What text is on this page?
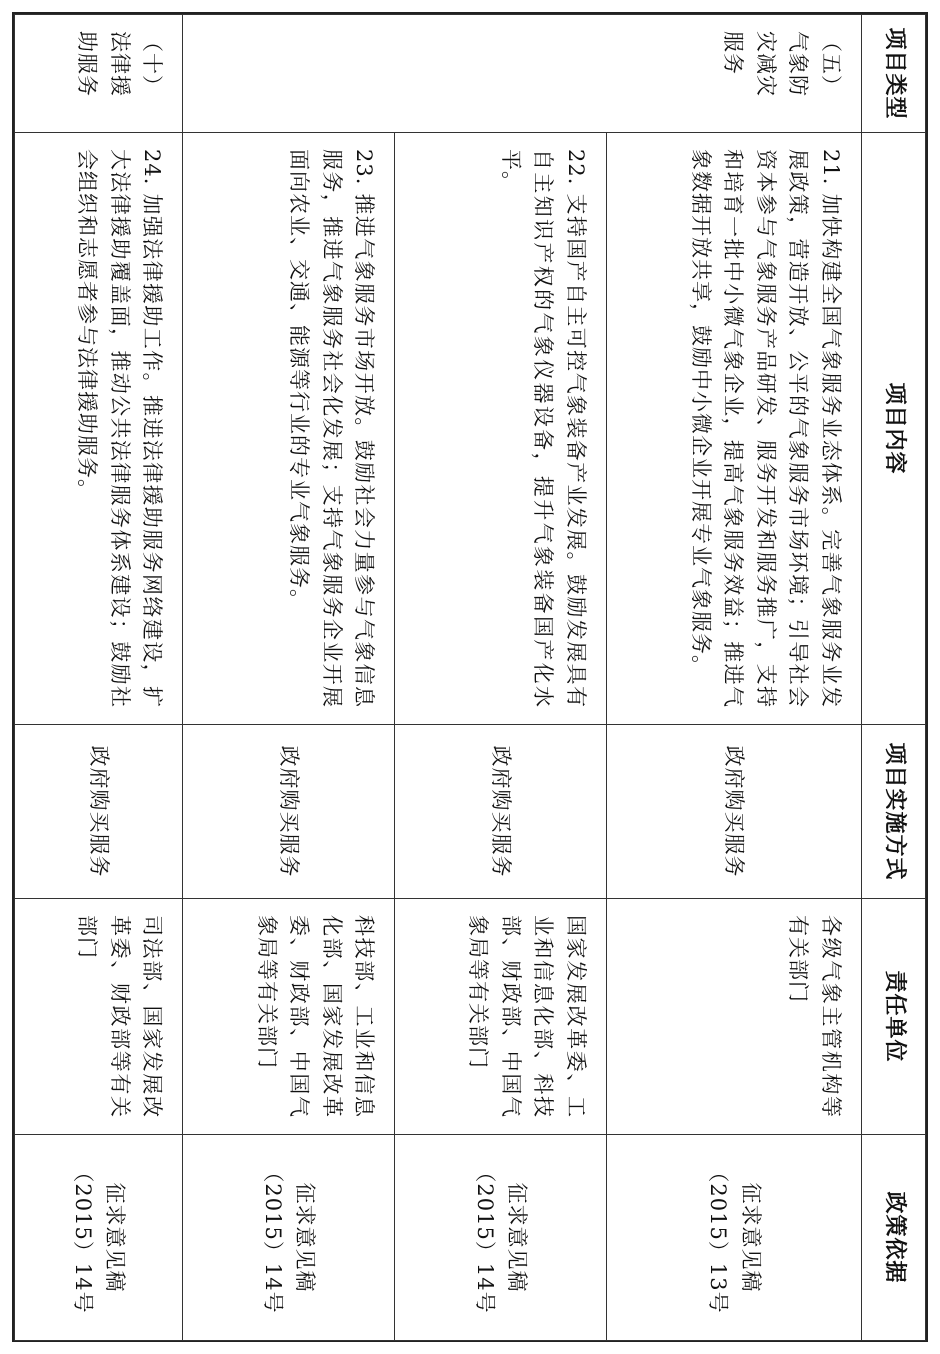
项目类型	项目内容	项目实施方式	责任单位	政策依据
（五）气象防灾减灾服务	21. 加快构建全国气象服务业态体系。完善气象服务业发展政策，营造开放、公平的气象服务市场环境；引导社会资本参与气象服务产品研发、服务开发和服务推广，支持和培育一批中小微气象企业，提高气象服务效益；推进气象数据开放共享，鼓励中小微企业开展专业气象服务。	政府购买服务	各级气象主管机构等有关部门	征求意见稿（2015）13号
	22. 支持国产自主可控气象装备产业发展。鼓励发展具有自主知识产权的气象仪器设备，提升气象装备国产化水平。	政府购买服务	国家发展改革委、工业和信息化部、科技部、财政部、中国气象局等有关部门	征求意见稿（2015）14号
	23. 推进气象服务市场开放。鼓励社会力量参与气象信息服务，推进气象服务社会化发展；支持气象服务企业开展面向农业、交通、能源等行业的专业气象服务。	政府购买服务	科技部、工业和信息化部、国家发展改革委、财政部、中国气象局等有关部门	征求意见稿（2015）14号
（十）法律援助服务	24. 加强法律援助工作。推进法律援助服务网络建设，扩大法律援助覆盖面，推动公共法律服务体系建设；鼓励社会组织和志愿者参与法律援助服务。	政府购买服务	司法部、国家发展改革委、财政部等有关部门	征求意见稿（2015）14号
